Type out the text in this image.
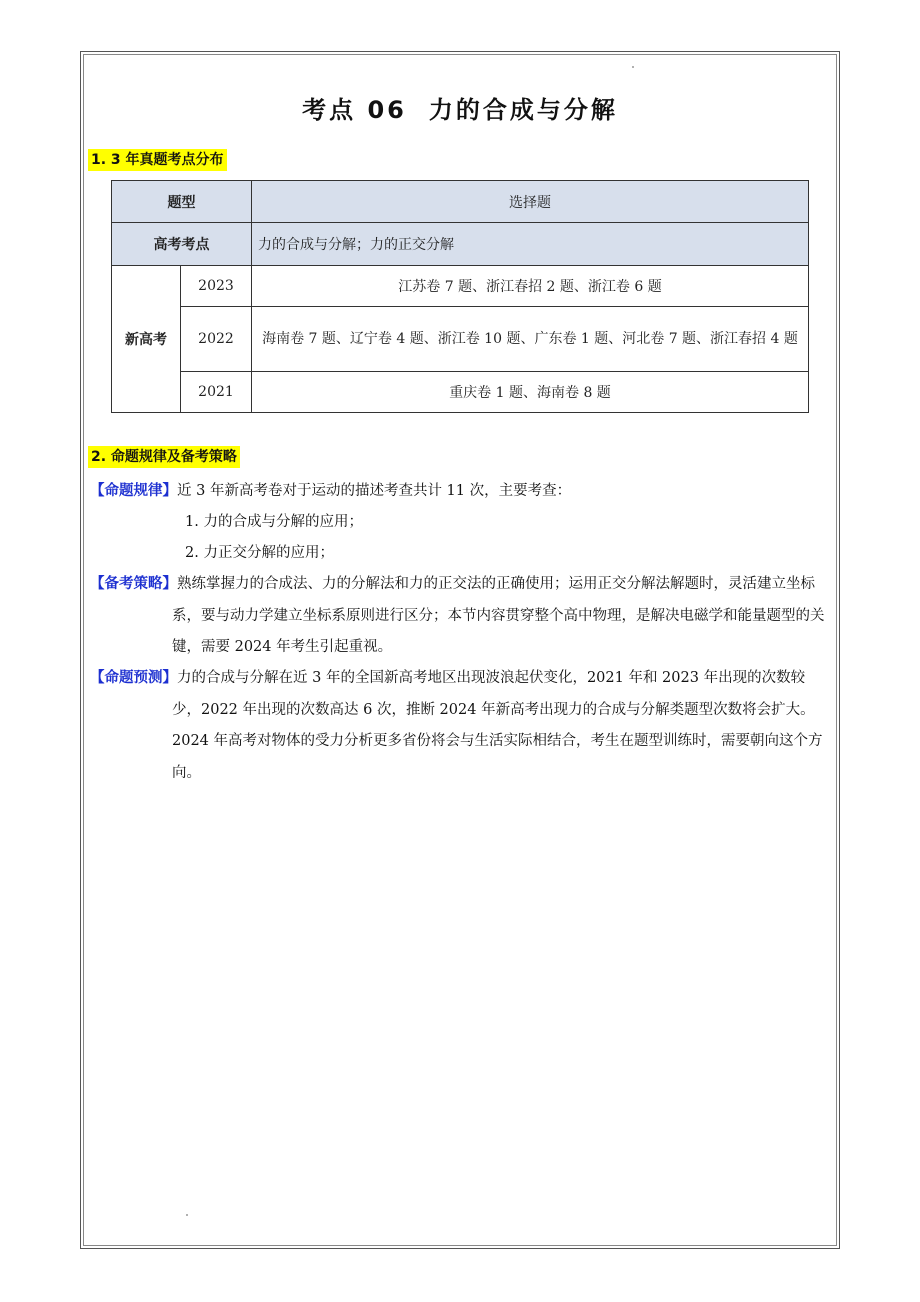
考点 06 力的合成与分解
1. 3 年真题考点分布
题型		选择题
高考考点		力的合成与分解；力的正交分解
新高考	2023	江苏卷 7 题、浙江春招 2 题、浙江卷 6 题
	2022	海南卷 7 题、辽宁卷 4 题、浙江卷 10 题、广东卷 1 题、河北卷 7 题、浙江春招 4 题
	2021	重庆卷 1 题、海南卷 8 题
2. 命题规律及备考策略
【命题规律】近 3 年新高考卷对于运动的描述考查共计 11 次，主要考查：
1. 力的合成与分解的应用；
2. 力正交分解的应用；
【备考策略】熟练掌握力的合成法、力的分解法和力的正交法的正确使用；运用正交分解法解题时，灵活建立坐标系，要与动力学建立坐标系原则进行区分；本节内容贯穿整个高中物理，是解决电磁学和能量题型的关键，需要 2024 年考生引起重视。
【命题预测】力的合成与分解在近 3 年的全国新高考地区出现波浪起伏变化，2021 年和 2023 年出现的次数较少，2022 年出现的次数高达 6 次，推断 2024 年新高考出现力的合成与分解类题型次数将会扩大。2024 年高考对物体的受力分析更多省份将会与生活实际相结合，考生在题型训练时，需要朝向这个方向。
